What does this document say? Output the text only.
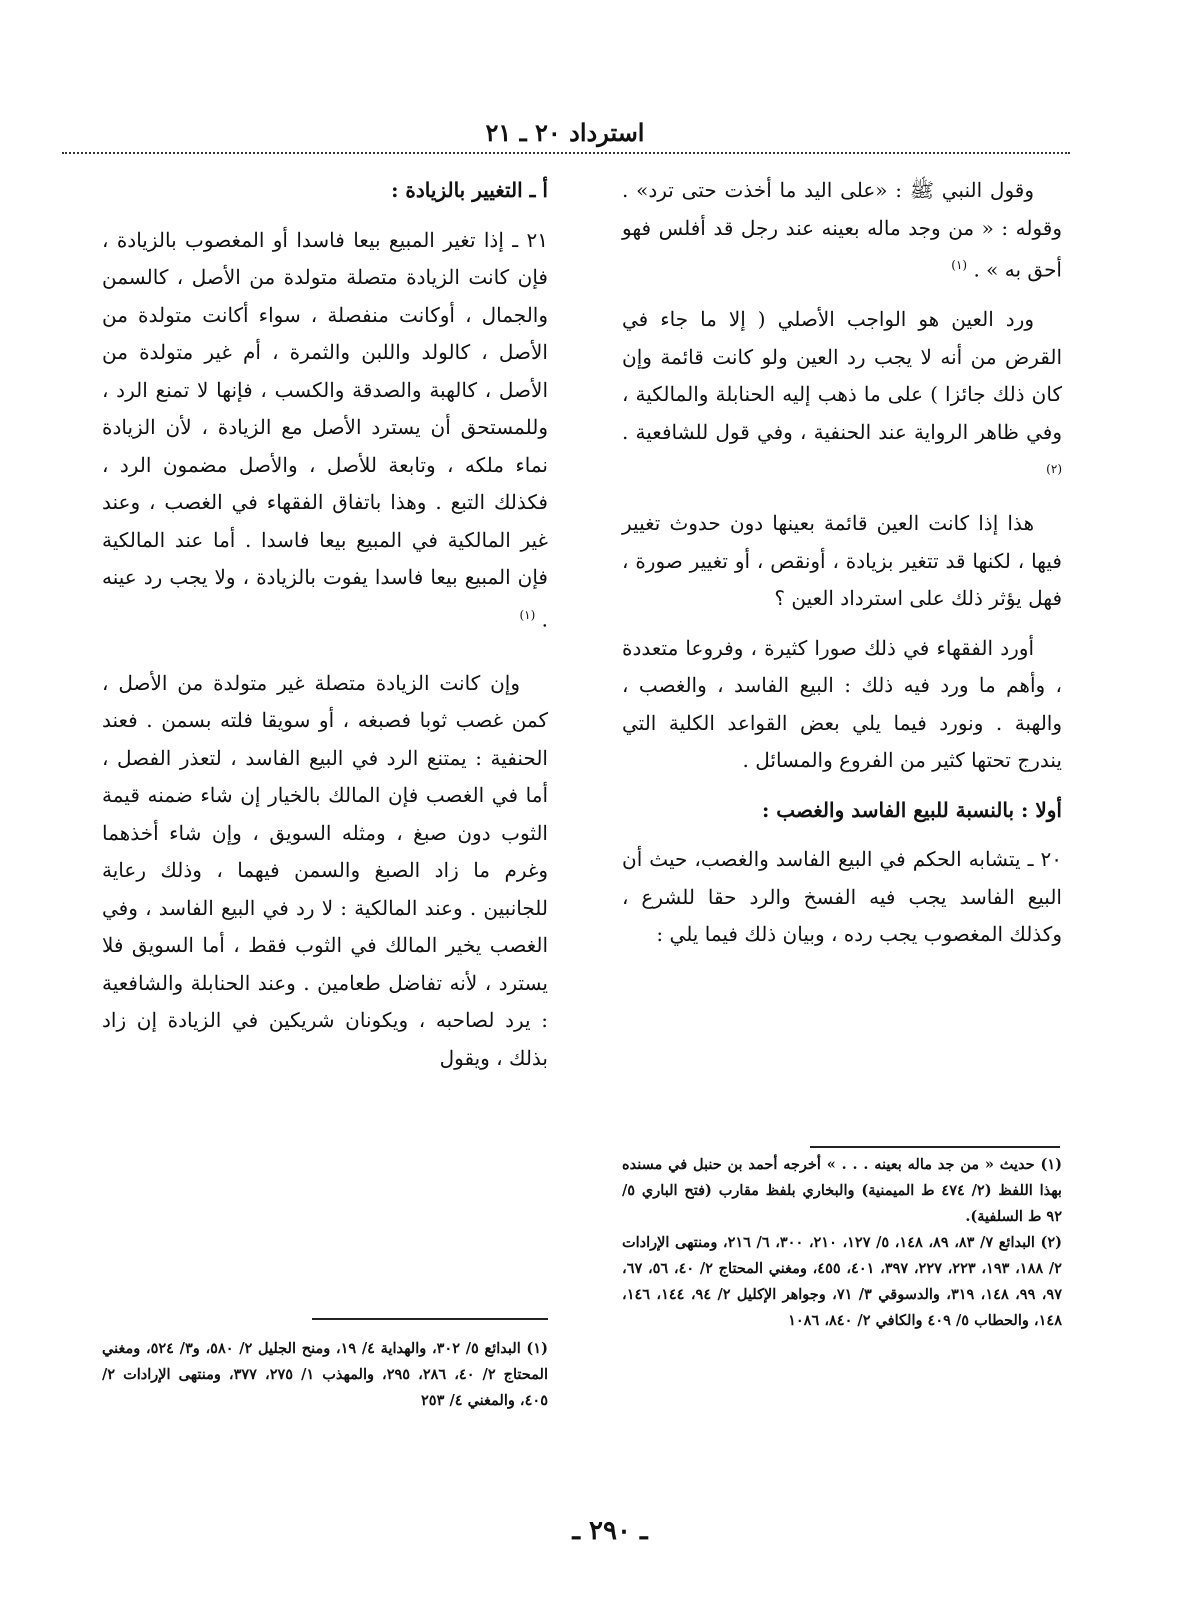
استرداد ٢٠ ـ ٢١

وقول النبي ﷺ : «على اليد ما أخذت حتى ترد» . وقوله : « من وجد ماله بعينه عند رجل قد أفلس فهو أحق به » . $^{(١)}$

ورد العين هو الواجب الأصلي ( إلا ما جاء في القرض من أنه لا يجب رد العين ولو كانت قائمة وإن كان ذلك جائزا ) على ما ذهب إليه الحنابلة والمالكية ، وفي ظاهر الرواية عند الحنفية ، وفي قول للشافعية . $^{(٢)}$

هذا إذا كانت العين قائمة بعينها دون حدوث تغيير فيها ، لكنها قد تتغير بزيادة ، أونقص ، أو تغيير صورة ، فهل يؤثر ذلك على استرداد العين ؟

أورد الفقهاء في ذلك صورا كثيرة ، وفروعا متعددة ، وأهم ما ورد فيه ذلك : البيع الفاسد ، والغصب ، والهبة . ونورد فيما يلي بعض القواعد الكلية التي يندرج تحتها كثير من الفروع والمسائل .

أولا : بالنسبة للبيع الفاسد والغصب :

٢٠ ـ يتشابه الحكم في البيع الفاسد والغصب، حيث أن البيع الفاسد يجب فيه الفسخ والرد حقا للشرع ، وكذلك المغصوب يجب رده ، وبيان ذلك فيما يلي :

أ ـ التغيير بالزيادة :

٢١ ـ إذا تغير المبيع بيعا فاسدا أو المغصوب بالزيادة ، فإن كانت الزيادة متصلة متولدة من الأصل ، كالسمن والجمال ، أوكانت منفصلة ، سواء أكانت متولدة من الأصل ، كالولد واللبن والثمرة ، أم غير متولدة من الأصل ، كالهبة والصدقة والكسب ، فإنها لا تمنع الرد ، وللمستحق أن يسترد الأصل مع الزيادة ، لأن الزيادة نماء ملكه ، وتابعة للأصل ، والأصل مضمون الرد ، فكذلك التبع . وهذا باتفاق الفقهاء في الغصب ، وعند غير المالكية في المبيع بيعا فاسدا . أما عند المالكية فإن المبيع بيعا فاسدا يفوت بالزيادة ، ولا يجب رد عينه . $^{(١)}$

وإن كانت الزيادة متصلة غير متولدة من الأصل ، كمن غصب ثوبا فصبغه ، أو سويقا فلته بسمن . فعند الحنفية : يمتنع الرد في البيع الفاسد ، لتعذر الفصل ، أما في الغصب فإن المالك بالخيار إن شاء ضمنه قيمة الثوب دون صبغ ، ومثله السويق ، وإن شاء أخذهما وغرم ما زاد الصبغ والسمن فيهما ، وذلك رعاية للجانبين . وعند المالكية : لا رد في البيع الفاسد ، وفي الغصب يخير المالك في الثوب فقط ، أما السويق فلا يسترد ، لأنه تفاضل طعامين . وعند الحنابلة والشافعية : يرد لصاحبه ، ويكونان شريكين في الزيادة إن زاد بذلك ، ويقول

(١) حديث « من جد ماله بعينه . . . » أخرجه أحمد بن حنبل في مسنده بهذا اللفظ (٢/ ٤٧٤ ط الميمنية) والبخاري بلفظ مقارب (فتح الباري ٥/ ٩٢ ط السلفية).

(٢) البدائع ٧/ ٨٣، ٨٩، ١٤٨، ٥/ ١٢٧، ٢١٠، ٣٠٠، ٦/ ٢١٦، ومنتهى الإرادات ٢/ ١٨٨، ١٩٣، ٢٢٣، ٢٢٧، ٣٩٧، ٤٠١، ٤٥٥، ومغني المحتاج ٢/ ٤٠، ٥٦، ٦٧، ٩٧، ٩٩، ١٤٨، ٣١٩، والدسوقي ٣/ ٧١، وجواهر الإكليل ٢/ ٩٤، ١٤٤، ١٤٦، ١٤٨، والحطاب ٥/ ٤٠٩ والكافي ٢/ ٨٤٠، ١٠٨٦

(١) البدائع ٥/ ٣٠٢، والهداية ٤/ ١٩، ومنح الجليل ٢/ ٥٨٠، و٣/ ٥٢٤، ومغني المحتاج ٢/ ٤٠، ٢٨٦، ٢٩٥، والمهذب ١/ ٢٧٥، ٣٧٧، ومنتهى الإرادات ٢/ ٤٠٥، والمغني ٤/ ٢٥٣

ـ ٢٩٠ ـ
